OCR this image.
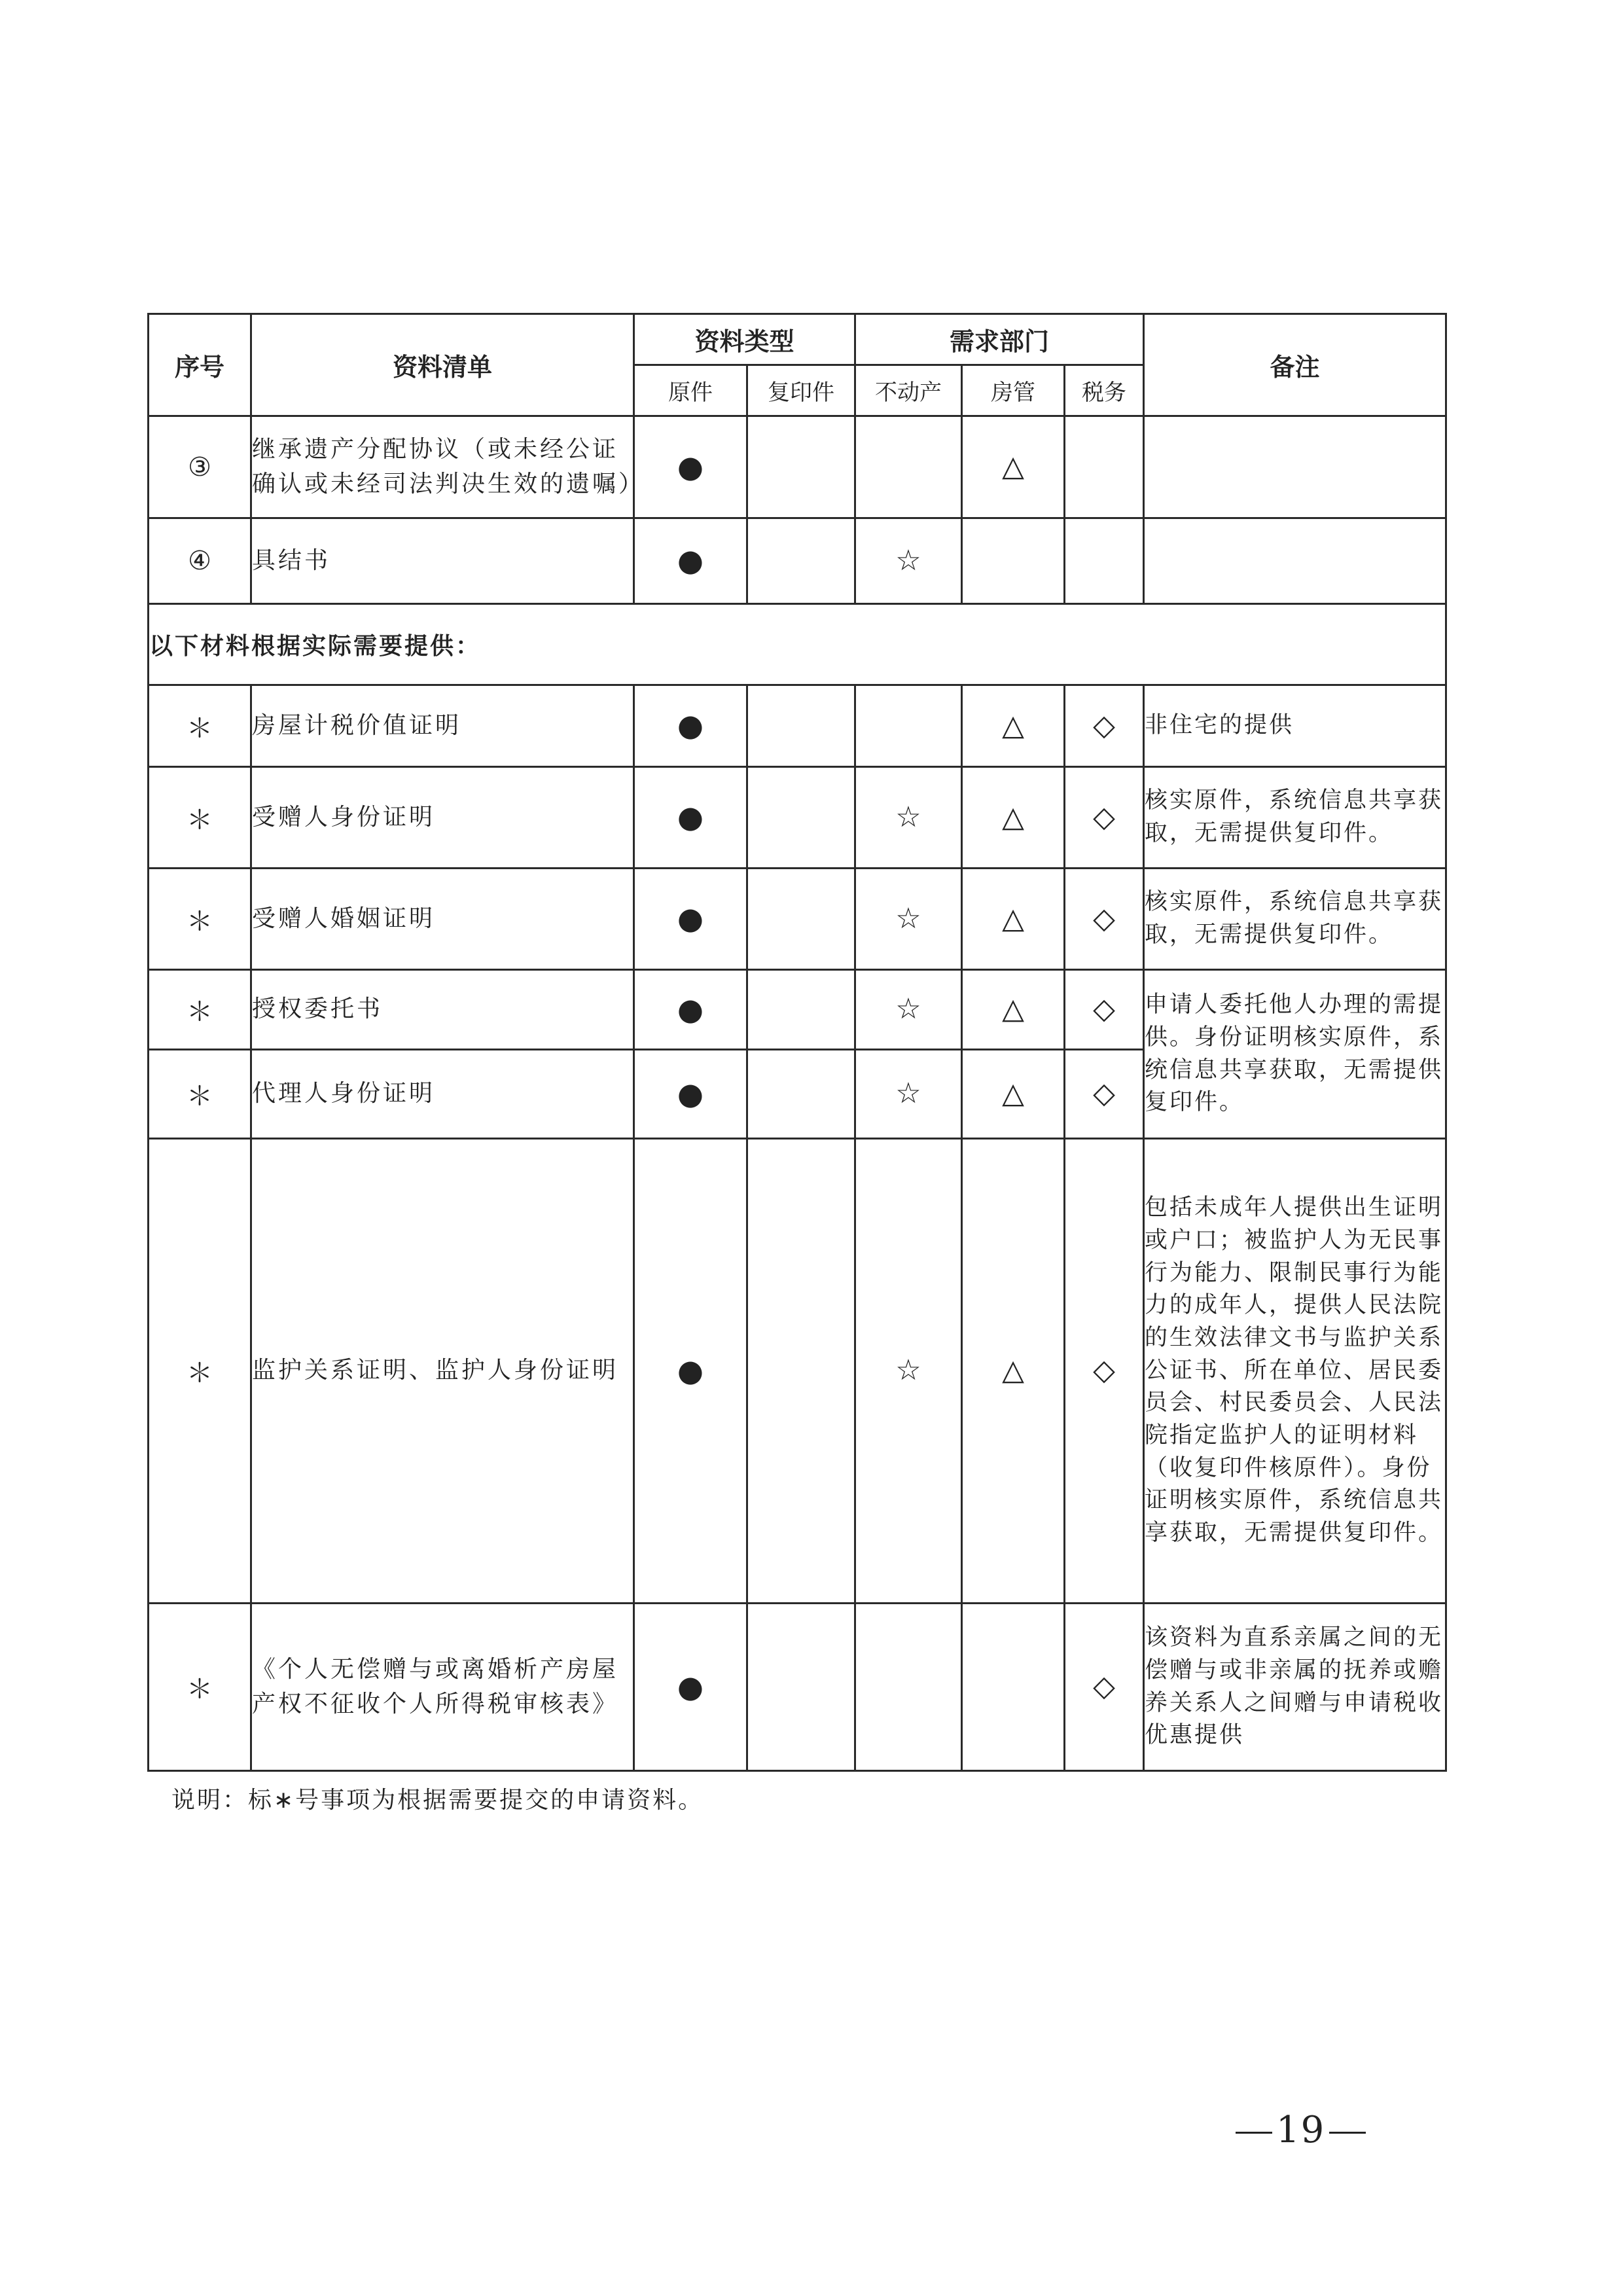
序号	资料清单	资料类型		需求部门			备注
		原件	复印件	不动产	房管	税务	
③	继承遗产分配协议（或未经公证确认或未经司法判决生效的遗嘱）	●			△		
④	具结书	●		☆			
以下材料根据实际需要提供：							
＊	房屋计税价值证明	●			△	◇	非住宅的提供
＊	受赠人身份证明	●		☆	△	◇	核实原件，系统信息共享获取，无需提供复印件。
＊	受赠人婚姻证明	●		☆	△	◇	核实原件，系统信息共享获取，无需提供复印件。
＊	授权委托书	●		☆	△	◇	申请人委托他人办理的需提供。身份证明核实原件，系统信息共享获取，无需提供复印件。
＊	代理人身份证明	●		☆	△	◇	
＊	监护关系证明、监护人身份证明	●		☆	△	◇	包括未成年人提供出生证明或户口；被监护人为无民事行为能力、限制民事行为能力的成年人，提供人民法院的生效法律文书与监护关系公证书、所在单位、居民委员会、村民委员会、人民法院指定监护人的证明材料（收复印件核原件）。身份证明核实原件，系统信息共享获取，无需提供复印件。
＊	《个人无偿赠与或离婚析产房屋产权不征收个人所得税审核表》	●				◇	该资料为直系亲属之间的无偿赠与或非亲属的抚养或赡养关系人之间赠与申请税收优惠提供
说明：标∗号事项为根据需要提交的申请资料。
19
